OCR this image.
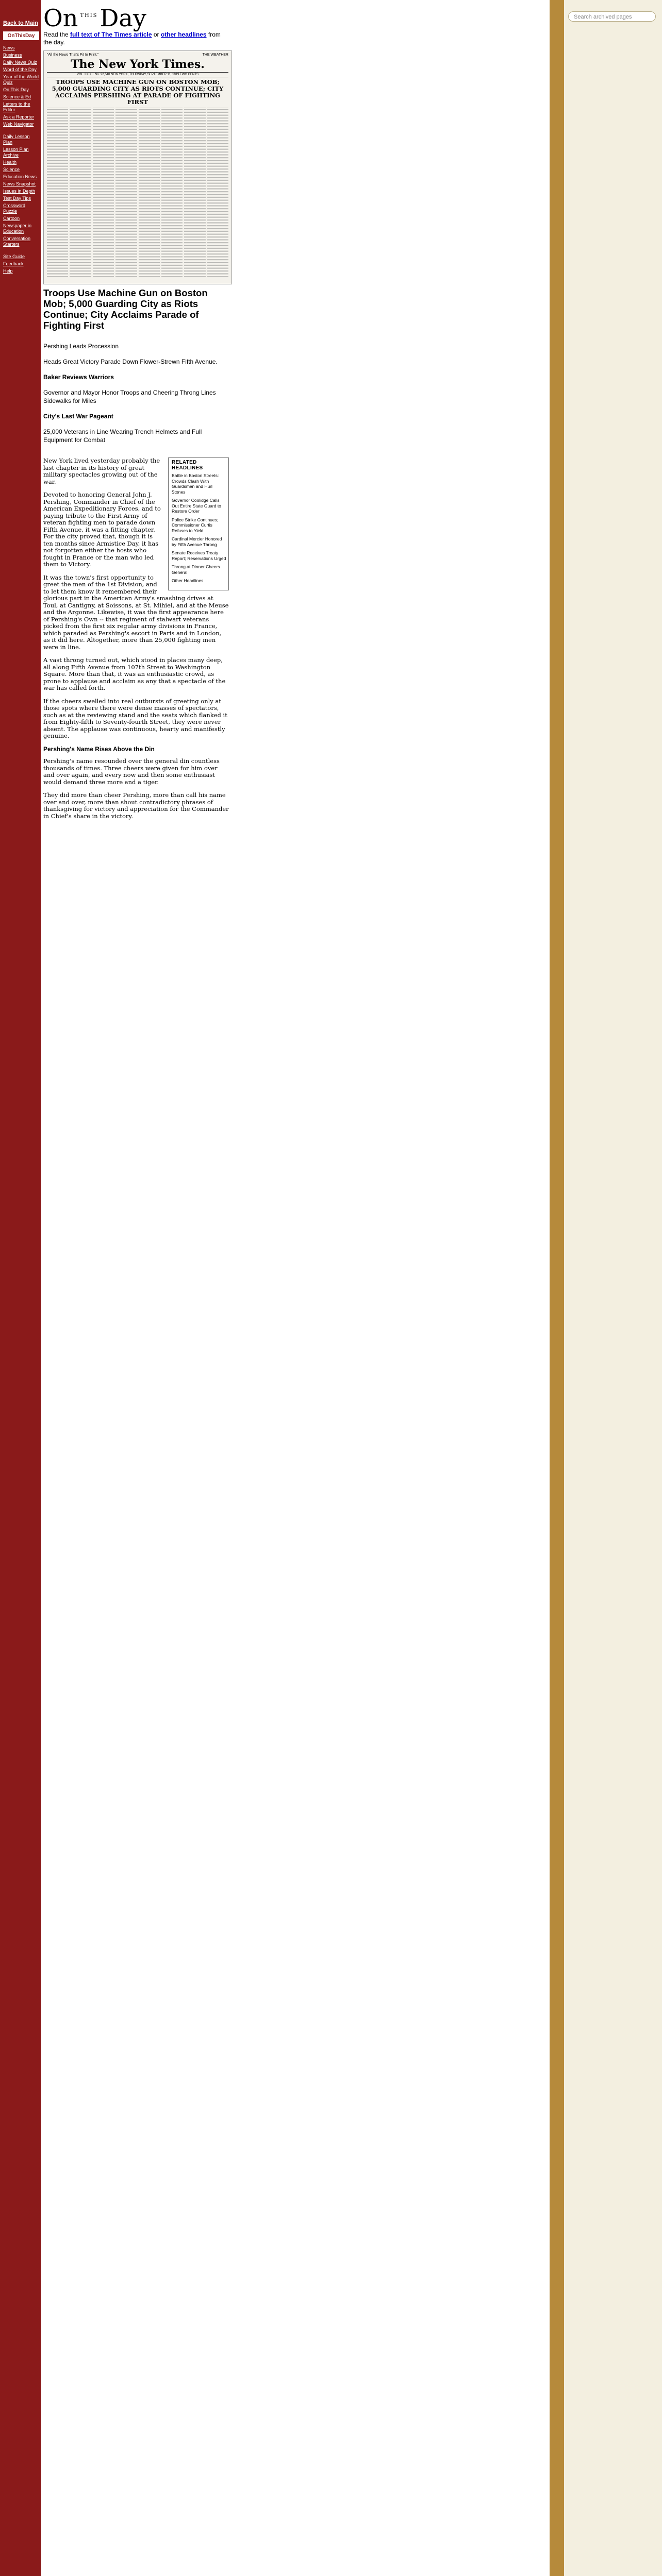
Back to Main
OnThisDay
News
Business
Daily News Quiz
Word of the Day
Year of the World Quiz
On This Day
Science & Ed
Letters to the Editor
Ask a Reporter
Web Navigator
Daily Lesson Plan
Lesson Plan Archive
Health
Science
Education News
News Snapshot
Issues in Depth
Test Day Tips
Crossword Puzzle
Cartoon
Newspaper in Education
Conversation Starters
Site Guide
Feedback
Help
Search archived pages
On THIS Day
Read the full text of The Times article or other headlines from the day.
"All the News That's Fit to Print."	THE WEATHER
The New York Times.
VOL. LXIX....No. 22,540 NEW YORK, THURSDAY, SEPTEMBER 11, 1919 TWO CENTS
TROOPS USE MACHINE GUN ON BOSTON MOB; 5,000 GUARDING CITY AS RIOTS CONTINUE; CITY ACCLAIMS PERSHING AT PARADE OF FIGHTING FIRST
Troops Use Machine Gun on Boston Mob; 5,000 Guarding City as Riots Continue; City Acclaims Parade of Fighting First
Pershing Leads Procession
Heads Great Victory Parade Down Flower-Strewn Fifth Avenue.
Baker Reviews Warriors
Governor and Mayor Honor Troops and Cheering Throng Lines Sidewalks for Miles
City's Last War Pageant
25,000 Veterans in Line Wearing Trench Helmets and Full Equipment for Combat
RELATED HEADLINES
Battle in Boston Streets: Crowds Clash With Guardsmen and Hurl Stones
Governor Coolidge Calls Out Entire State Guard to Restore Order
Police Strike Continues; Commissioner Curtis Refuses to Yield
Cardinal Mercier Honored by Fifth Avenue Throng
Senate Receives Treaty Report; Reservations Urged
Throng at Dinner Cheers General
Other Headlines

New York lived yesterday probably the last chapter in its history of great military spectacles growing out of the war.

Devoted to honoring General John J. Pershing, Commander in Chief of the American Expeditionary Forces, and to paying tribute to the First Army of veteran fighting men to parade down Fifth Avenue, it was a fitting chapter. For the city proved that, though it is ten months since Armistice Day, it has not forgotten either the hosts who fought in France or the man who led them to Victory.

It was the town's first opportunity to greet the men of the 1st Division, and to let them know it remembered their glorious part in the American Army's smashing drives at Toul, at Cantigny, at Soissons, at St. Mihiel, and at the Meuse and the Argonne. Likewise, it was the first appearance here of Pershing's Own -- that regiment of stalwart veterans picked from the first six regular army divisions in France, which paraded as Pershing's escort in Paris and in London, as it did here. Altogether, more than 25,000 fighting men were in line.

A vast throng turned out, which stood in places many deep, all along Fifth Avenue from 107th Street to Washington Square. More than that, it was an enthusiastic crowd, as prone to applause and acclaim as any that a spectacle of the war has called forth.

If the cheers swelled into real outbursts of greeting only at those spots where there were dense masses of spectators, such as at the reviewing stand and the seats which flanked it from Eighty-fifth to Seventy-fourth Street, they were never absent. The applause was continuous, hearty and manifestly genuine.

Pershing's Name Rises Above the Din

Pershing's name resounded over the general din countless thousands of times. Three cheers were given for him over and over again, and every now and then some enthusiast would demand three more and a tiger.

They did more than cheer Pershing, more than call his name over and over, more than shout contradictory phrases of thanksgiving for victory and appreciation for the Commander in Chief's share in the victory.
